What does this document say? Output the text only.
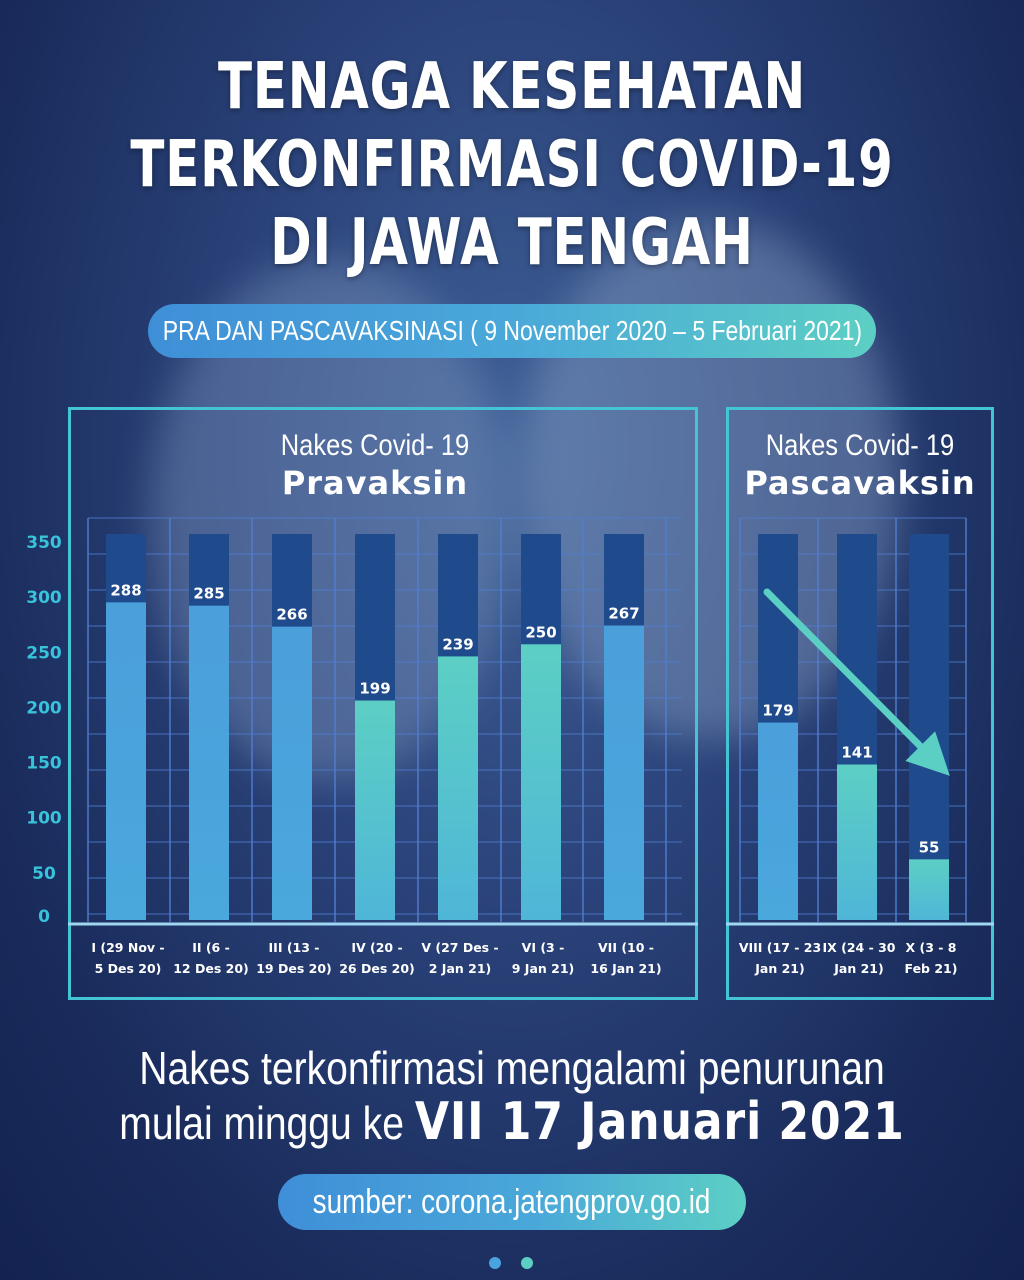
TENAGA KESEHATAN
TERKONFIRMASI COVID-19
DI JAWA TENGAH
PRA DAN PASCAVAKSINASI ( 9 November 2020 – 5 Februari 2021)
Nakes Covid- 19
Pravaksin
Nakes Covid- 19
Pascavaksin
288
I (29 Nov -
5 Des 20)
285
II (6 -
12 Des 20)
266
III (13 -
19 Des 20)
199
IV (20 -
26 Des 20)
239
V (27 Des -
2 Jan 21)
250
VI (3 -
9 Jan 21)
267
VII (10 -
16 Jan 21)
179
VIII (17 - 23
Jan 21)
141
IX (24 - 30
Jan 21)
55
X (3 - 8
Feb 21)
0
50
100
150
200
250
300
350
Nakes terkonfirmasi mengalami penurunan
mulai minggu ke VII 17 Januari 2021
sumber: corona.jatengprov.go.id
